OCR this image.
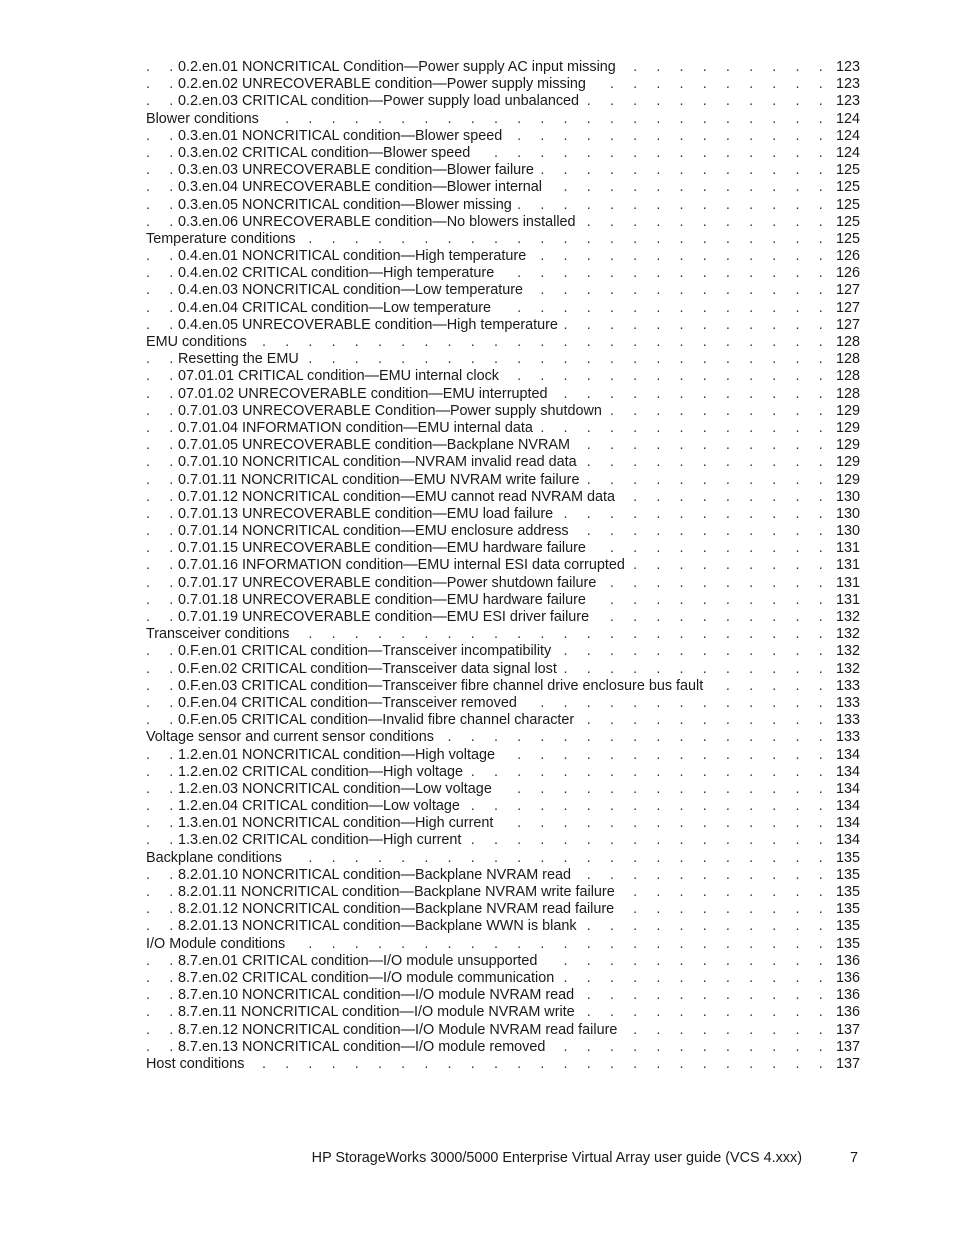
. . .
0.2.en.01 NONCRITICAL Condition—Power supply AC input missing	123
. . .
0.2.en.02 UNRECOVERABLE condition—Power supply missing	123
. . .
0.2.en.03 CRITICAL condition—Power supply load unbalanced	123
. . .
Blower conditions	124
. . .
0.3.en.01 NONCRITICAL condition—Blower speed	124
. . .
0.3.en.02 CRITICAL condition—Blower speed	124
. . .
0.3.en.03 UNRECOVERABLE condition—Blower failure	125
. . .
0.3.en.04 UNRECOVERABLE condition—Blower internal	125
. . .
0.3.en.05 NONCRITICAL condition—Blower missing	125
. . .
0.3.en.06 UNRECOVERABLE condition—No blowers installed	125
. . .
Temperature conditions	125
. . .
0.4.en.01 NONCRITICAL condition—High temperature	126
. . .
0.4.en.02 CRITICAL condition—High temperature	126
. . .
0.4.en.03 NONCRITICAL condition—Low temperature	127
. . .
0.4.en.04 CRITICAL condition—Low temperature	127
. . .
0.4.en.05 UNRECOVERABLE condition—High temperature	127
. . .
EMU conditions	128
. . .
Resetting the EMU	128
. . .
07.01.01 CRITICAL condition—EMU internal clock	128
. . .
07.01.02 UNRECOVERABLE condition—EMU interrupted	128
. . .
0.7.01.03 UNRECOVERABLE Condition—Power supply shutdown	129
. . .
0.7.01.04 INFORMATION condition—EMU internal data	129
. . .
0.7.01.05 UNRECOVERABLE condition—Backplane NVRAM	129
. . .
0.7.01.10 NONCRITICAL condition—NVRAM invalid read data	129
. . .
0.7.01.11 NONCRITICAL condition—EMU NVRAM write failure	129
. . .
0.7.01.12 NONCRITICAL condition—EMU cannot read NVRAM data	130
. . .
0.7.01.13 UNRECOVERABLE condition—EMU load failure	130
. . .
0.7.01.14 NONCRITICAL condition—EMU enclosure address	130
. . .
0.7.01.15 UNRECOVERABLE condition—EMU hardware failure	131
. . .
0.7.01.16 INFORMATION condition—EMU internal ESI data corrupted	131
. . .
0.7.01.17 UNRECOVERABLE condition—Power shutdown failure	131
. . .
0.7.01.18 UNRECOVERABLE condition—EMU hardware failure	131
. . .
0.7.01.19 UNRECOVERABLE condition—EMU ESI driver failure	132
. . .
Transceiver conditions	132
. . .
0.F.en.01 CRITICAL condition—Transceiver incompatibility	132
. . .
0.F.en.02 CRITICAL condition—Transceiver data signal lost	132
. . .
0.F.en.03 CRITICAL condition—Transceiver fibre channel drive enclosure bus fault	133
. . .
0.F.en.04 CRITICAL condition—Transceiver removed	133
. . .
0.F.en.05 CRITICAL condition—Invalid fibre channel character	133
. . .
Voltage sensor and current sensor conditions	133
. . .
1.2.en.01 NONCRITICAL condition—High voltage	134
. . .
1.2.en.02 CRITICAL condition—High voltage	134
. . .
1.2.en.03 NONCRITICAL condition—Low voltage	134
. . .
1.2.en.04 CRITICAL condition—Low voltage	134
. . .
1.3.en.01 NONCRITICAL condition—High current	134
. . .
1.3.en.02 CRITICAL condition—High current	134
. . .
Backplane conditions	135
. . .
8.2.01.10 NONCRITICAL condition—Backplane NVRAM read	135
. . .
8.2.01.11 NONCRITICAL condition—Backplane NVRAM write failure	135
. . .
8.2.01.12 NONCRITICAL condition—Backplane NVRAM read failure	135
. . .
8.2.01.13 NONCRITICAL condition—Backplane WWN is blank	135
. . .
I/O Module conditions	135
. . .
8.7.en.01 CRITICAL condition—I/O module unsupported	136
. . .
8.7.en.02 CRITICAL condition—I/O module communication	136
. . .
8.7.en.10 NONCRITICAL condition—I/O module NVRAM read	136
. . .
8.7.en.11 NONCRITICAL condition—I/O module NVRAM write	136
. . .
8.7.en.12 NONCRITICAL condition—I/O Module NVRAM read failure	137
. . .
8.7.en.13 NONCRITICAL condition—I/O module removed	137
. . .
Host conditions	137
HP StorageWorks 3000/5000 Enterprise Virtual Array user guide (VCS 4.xxx)	7
